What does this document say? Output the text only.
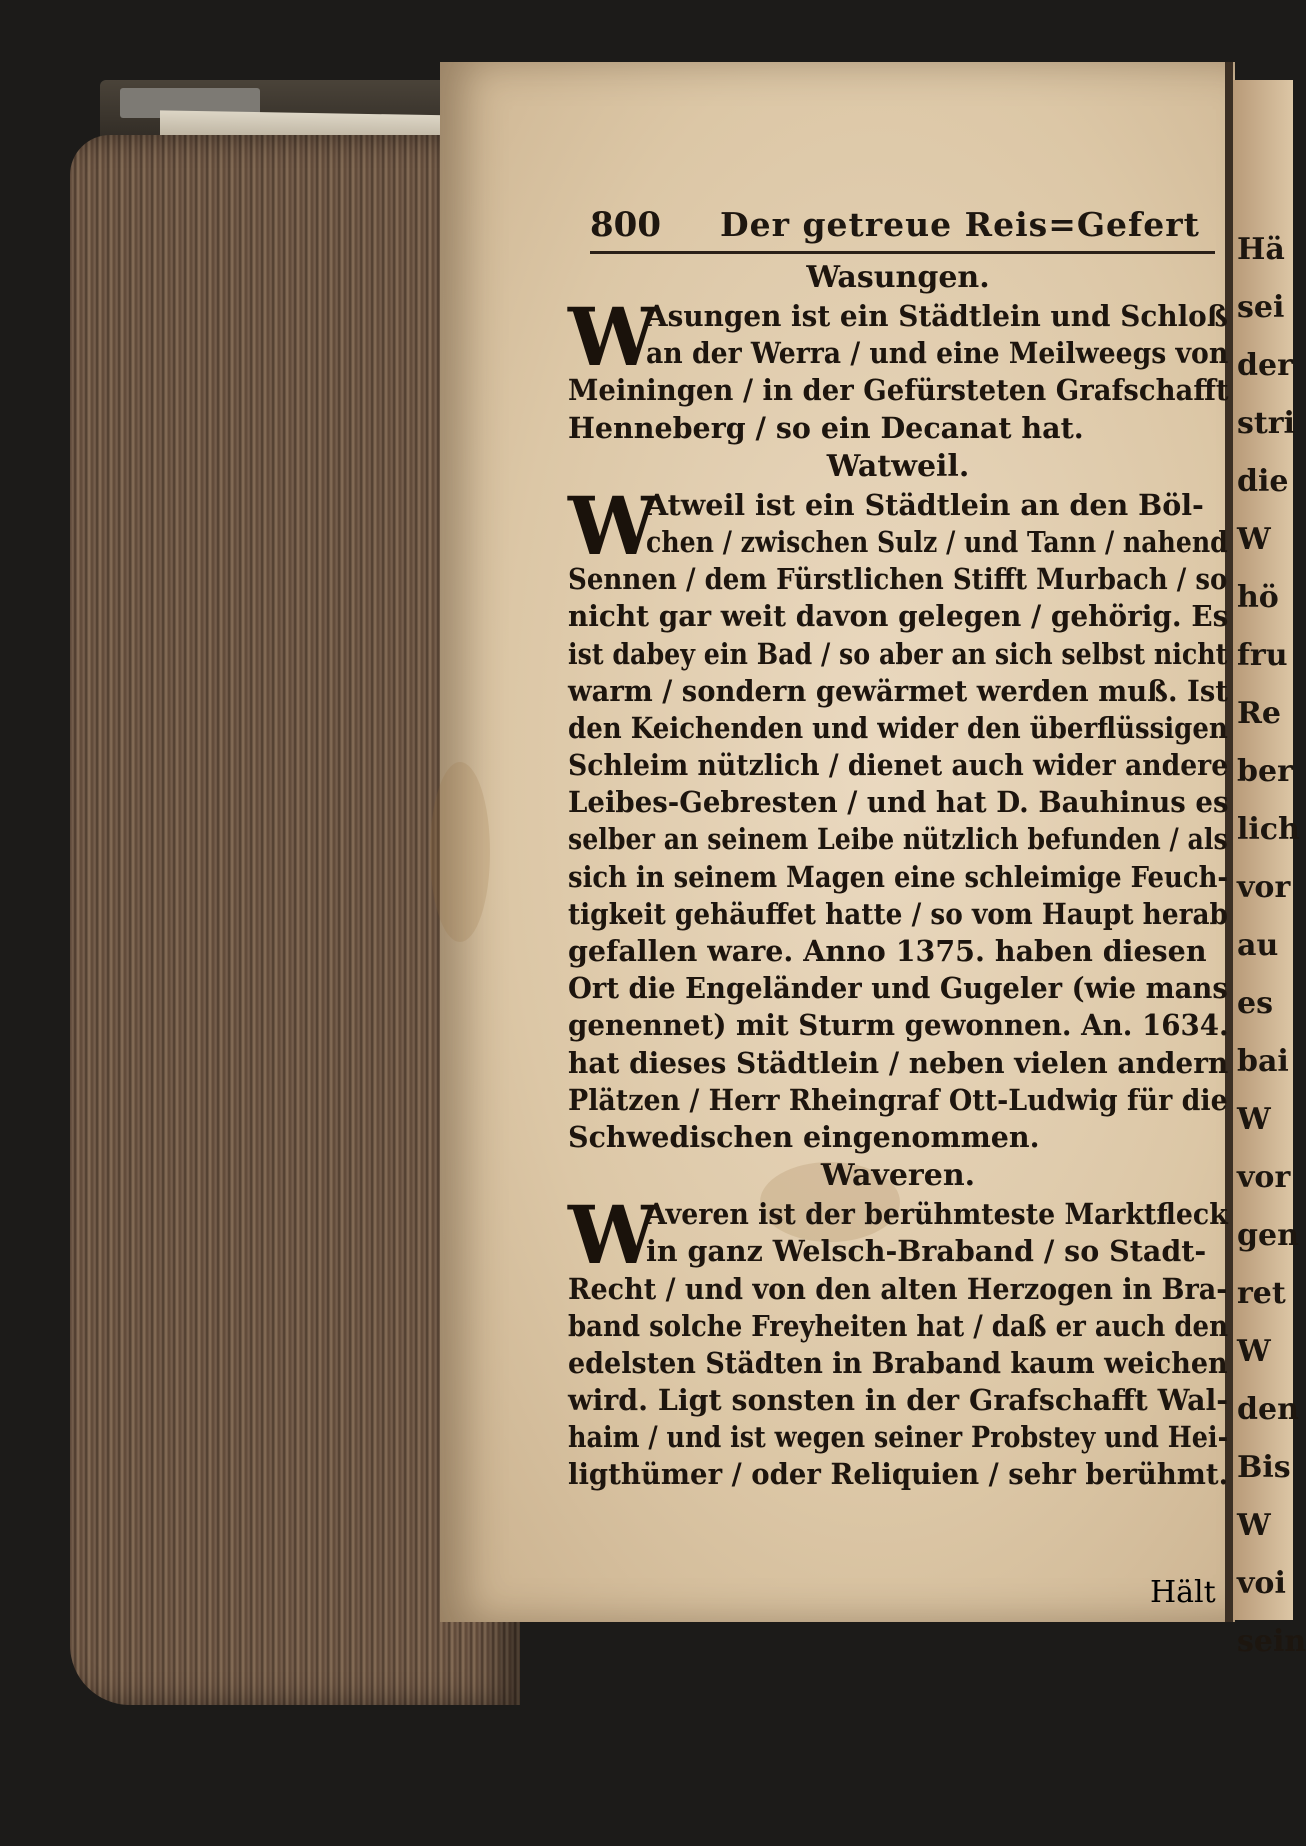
Hä
sei
der
stri
die
W
hö
fru
Re
ber
lich
vor
au
es
bai
W
vor
gen
ret
W
den
Bis
W
voi
sein
800 Der getreue Reis=Gefert
Wasungen.
W
Asungen ist ein Städtlein und Schloß
an der Werra / und eine Meilweegs von
Meiningen / in der Gefürsteten Grafschafft
Henneberg / so ein Decanat hat.
Watweil.
W
Atweil ist ein Städtlein an den Böl-
chen / zwischen Sulz / und Tann / nahend
Sennen / dem Fürstlichen Stifft Murbach / so
nicht gar weit davon gelegen / gehörig. Es
ist dabey ein Bad / so aber an sich selbst nicht
warm / sondern gewärmet werden muß. Ist
den Keichenden und wider den überflüssigen
Schleim nützlich / dienet auch wider andere
Leibes-Gebresten / und hat D. Bauhinus es
selber an seinem Leibe nützlich befunden / als
sich in seinem Magen eine schleimige Feuch-
tigkeit gehäuffet hatte / so vom Haupt herab
gefallen ware. Anno 1375. haben diesen
Ort die Engeländer und Gugeler (wie mans
genennet) mit Sturm gewonnen. An. 1634.
hat dieses Städtlein / neben vielen andern
Plätzen / Herr Rheingraf Ott-Ludwig für die
Schwedischen eingenommen.
Waveren.
W
Averen ist der berühmteste Marktfleck
in ganz Welsch-Braband / so Stadt-
Recht / und von den alten Herzogen in Bra-
band solche Freyheiten hat / daß er auch den
edelsten Städten in Braband kaum weichen
wird. Ligt sonsten in der Grafschafft Wal-
haim / und ist wegen seiner Probstey und Hei-
ligthümer / oder Reliquien / sehr berühmt.
Hält
